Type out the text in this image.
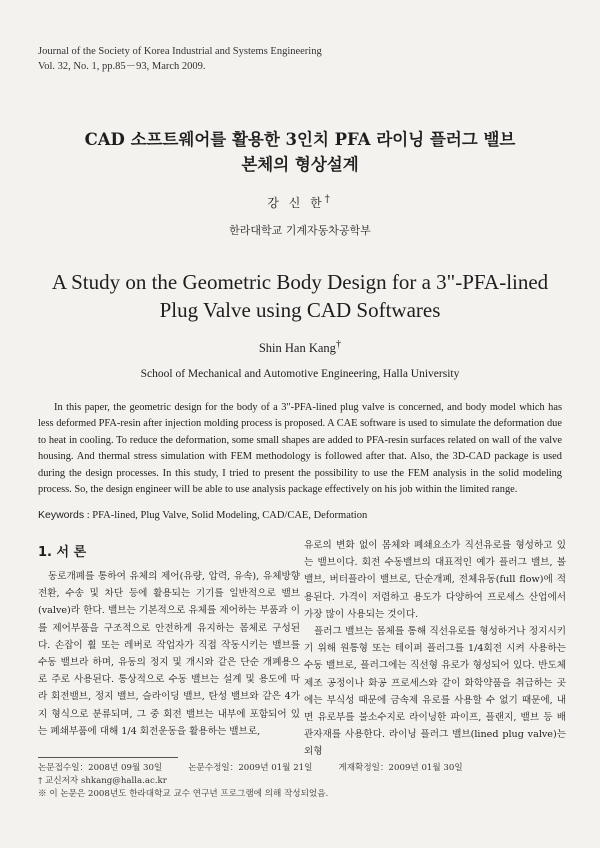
Journal of the Society of Korea Industrial and Systems Engineering
Vol. 32, No. 1, pp.85－93, March 2009.
CAD 소프트웨어를 활용한 3인치 PFA 라이닝 플러그 밸브
본체의 형상설계
강 신 한†
한라대학교 기계자동차공학부
A Study on the Geometric Body Design for a 3"-PFA-lined
Plug Valve using CAD Softwares
Shin Han Kang†
School of Mechanical and Automotive Engineering, Halla University
In this paper, the geometric design for the body of a 3"-PFA-lined plug valve is concerned, and body model which has less deformed PFA-resin after injection molding process is proposed. A CAE software is used to simulate the deformation due to heat in cooling. To reduce the deformation, some small shapes are added to PFA-resin surfaces related on wall of the valve housing. And thermal stress simulation with FEM methodology is followed after that. Also, the 3D-CAD package is used during the design processes. In this study, I tried to present the possibility to use the FEM analysis in the solid modeling process. So, the design engineer will be able to use analysis package effectively on his job within the limited range.
Keywords : PFA-lined, Plug Valve, Solid Modeling, CAD/CAE, Deformation
1. 서 론

동로개폐를 통하여 유체의 제어(유량, 압력, 유속), 유체방향전환, 수송 및 차단 등에 활용되는 기기를 일반적으로 밸브(valve)라 한다. 밸브는 기본적으로 유체를 제어하는 부품과 이를 제어부품을 구조적으로 안전하게 유지하는 몸체로 구성된다. 손잡이 휠 또는 레버로 작업자가 직접 작동시키는 밸브를 수동 밸브라 하며, 유동의 정지 및 개시와 같은 단순 개폐용으로 주로 사용된다. 통상적으로 수동 밸브는 설계 및 용도에 따라 회전밸브, 정지 밸브, 슬라이딩 밸브, 탄성 밸브와 같은 4가지 형식으로 분류되며, 그 중 회전 밸브는 내부에 포함되어 있는 폐쇄부품에 대해 1/4 회전운동을 활용하는 밸브로,

유로의 변화 없이 몸체와 폐쇄요소가 직선유로를 형성하고 있는 밸브이다. 회전 수동밸브의 대표적인 예가 플러그 밸브, 볼 밸브, 버터플라이 밸브로, 단순개폐, 전체유동(full flow)에 적용된다. 가격이 저렴하고 용도가 다양하여 프로세스 산업에서 가장 많이 사용되는 것이다.

플러그 밸브는 몸체를 통해 직선유로를 형성하거나 정지시키기 위해 원통형 또는 테이퍼 플러그를 1/4회전 시켜 사용하는 수동 밸브로, 플러그에는 직선형 유로가 형성되어 있다. 반도체 제조 공정이나 화공 프로세스와 같이 화학약품을 취급하는 곳에는 부식성 때문에 금속제 유로를 사용할 수 없기 때문에, 내면 유로부를 불소수지로 라이닝한 파이프, 플랜지, 밸브 등 배관자재를 사용한다. 라이닝 플러그 밸브(lined plug valve)는 외형

논문접수일：2008년 09월 30일	논문수정일：2009년 01월 21일	게재확정일：2009년 01월 30일
† 교신저자 shkang@halla.ac.kr
※ 이 논문은 2008년도 한라대학교 교수 연구년 프로그램에 의해 작성되었음.
